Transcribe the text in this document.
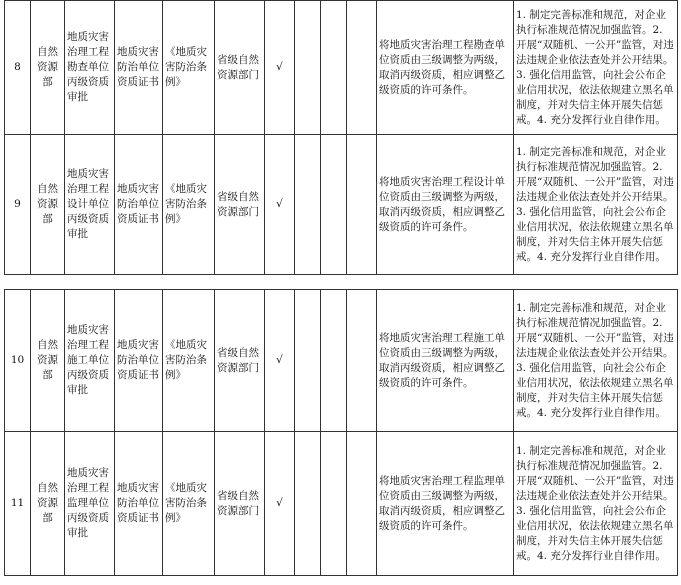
8	自然资源部	地质灾害治理工程勘查单位丙级资质审批	地质灾害防治单位资质证书	《地质灾害防治条例》	省级自然资源部门	√				将地质灾害治理工程勘查单位资质由三级调整为两级，取消丙级资质，相应调整乙级资质的许可条件。	1. 制定完善标准和规范，对企业执行标准规范情况加强监管。2. 开展“双随机、一公开”监管，对违法违规企业依法查处并公开结果。3. 强化信用监管，向社会公布企业信用状况，依法依规建立黑名单制度，并对失信主体开展失信惩戒。4. 充分发挥行业自律作用。
9	自然资源部	地质灾害治理工程设计单位丙级资质审批	地质灾害防治单位资质证书	《地质灾害防治条例》	省级自然资源部门	√				将地质灾害治理工程设计单位资质由三级调整为两级，取消丙级资质，相应调整乙级资质的许可条件。	1. 制定完善标准和规范，对企业执行标准规范情况加强监管。2. 开展“双随机、一公开”监管，对违法违规企业依法查处并公开结果。3. 强化信用监管，向社会公布企业信用状况，依法依规建立黑名单制度，并对失信主体开展失信惩戒。4. 充分发挥行业自律作用。
10	自然资源部	地质灾害治理工程施工单位丙级资质审批	地质灾害防治单位资质证书	《地质灾害防治条例》	省级自然资源部门	√				将地质灾害治理工程施工单位资质由三级调整为两级，取消丙级资质，相应调整乙级资质的许可条件。	1. 制定完善标准和规范，对企业执行标准规范情况加强监管。2. 开展“双随机、一公开”监管，对违法违规企业依法查处并公开结果。3. 强化信用监管，向社会公布企业信用状况，依法依规建立黑名单制度，并对失信主体开展失信惩戒。4. 充分发挥行业自律作用。
11	自然资源部	地质灾害治理工程监理单位丙级资质审批	地质灾害防治单位资质证书	《地质灾害防治条例》	省级自然资源部门	√				将地质灾害治理工程监理单位资质由三级调整为两级，取消丙级资质，相应调整乙级资质的许可条件。	1. 制定完善标准和规范，对企业执行标准规范情况加强监管。2. 开展“双随机、一公开”监管，对违法违规企业依法查处并公开结果。3. 强化信用监管，向社会公布企业信用状况，依法依规建立黑名单制度，并对失信主体开展失信惩戒。4. 充分发挥行业自律作用。
